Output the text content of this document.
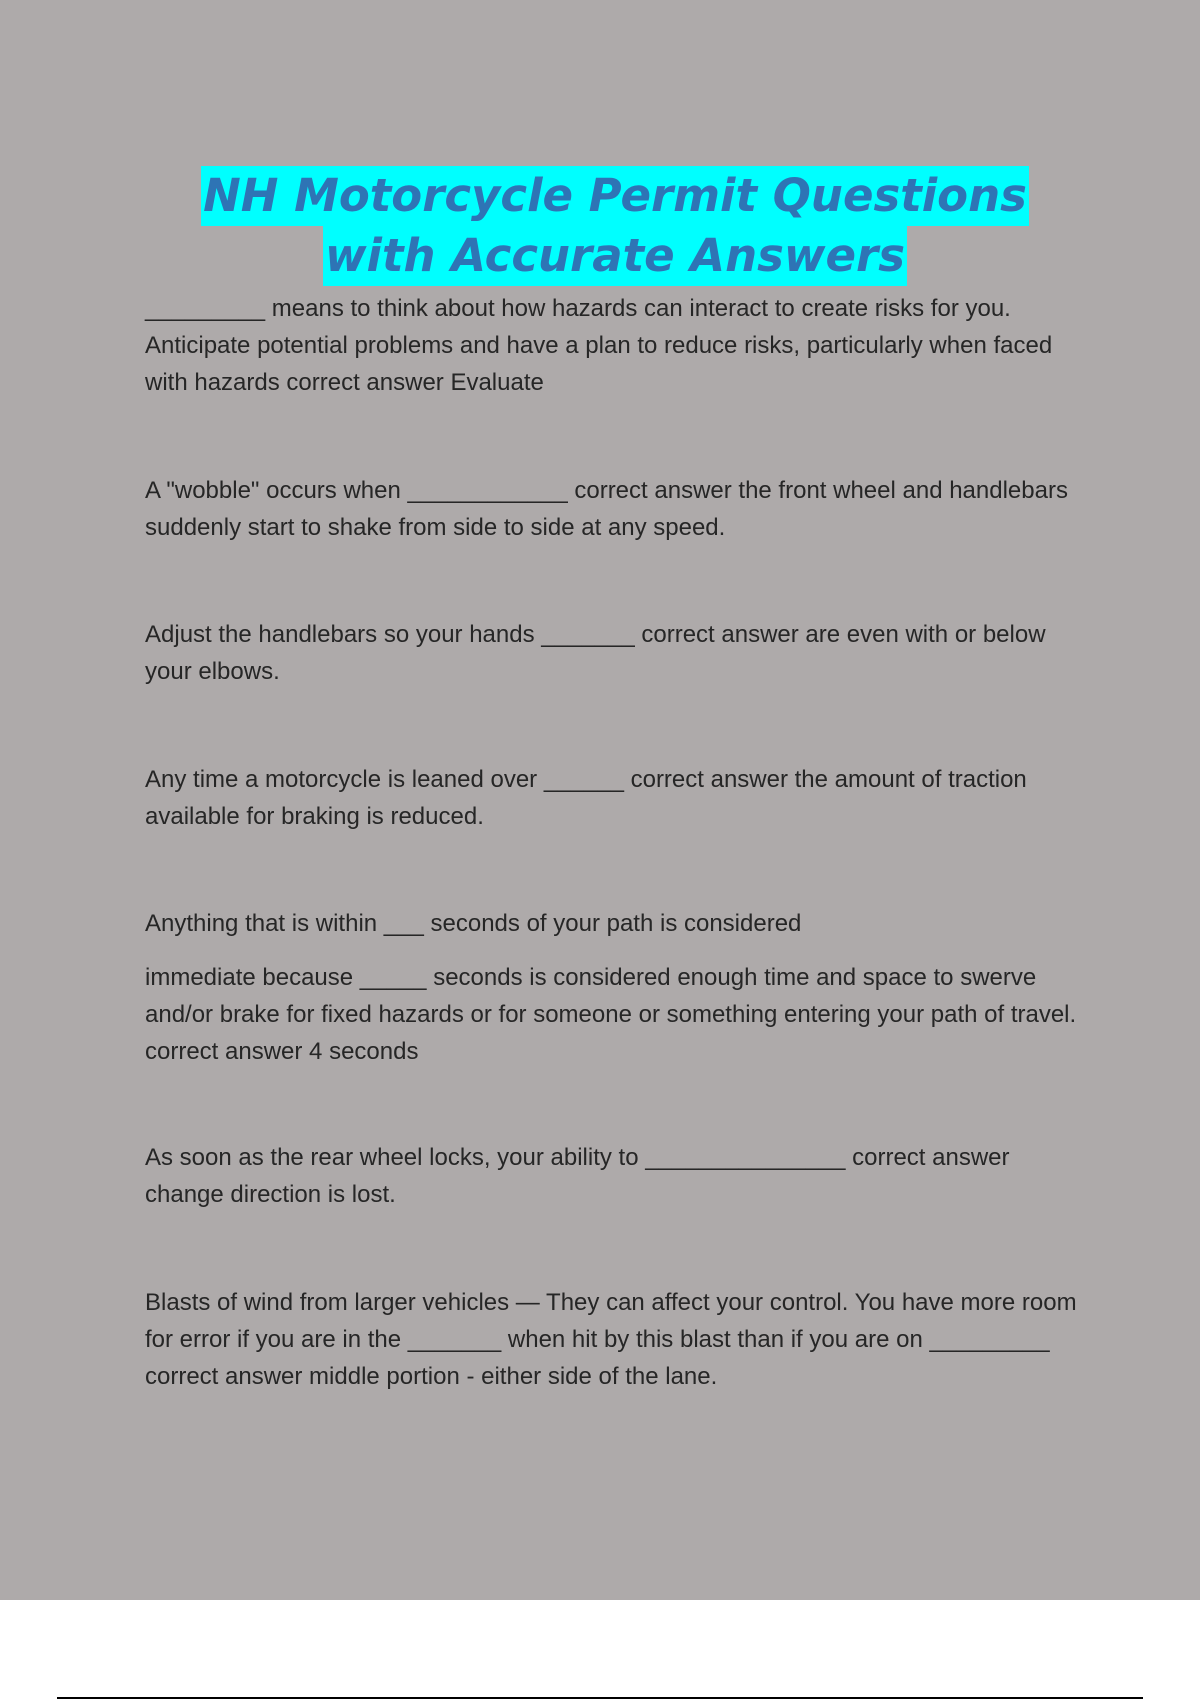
NH Motorcycle Permit Questions
with Accurate Answers

_________ means to think about how hazards can interact to create risks for you. Anticipate potential problems and have a plan to reduce risks, particularly when faced with hazards correct answer Evaluate

A "wobble" occurs when ____________ correct answer the front wheel and handlebars suddenly start to shake from side to side at any speed.

Adjust the handlebars so your hands _______ correct answer are even with or below your elbows.

Any time a motorcycle is leaned over ______ correct answer the amount of traction available for braking is reduced.

Anything that is within ___ seconds of your path is considered

immediate because _____ seconds is considered enough time and space to swerve and/or brake for fixed hazards or for someone or something entering your path of travel. correct answer 4 seconds

As soon as the rear wheel locks, your ability to _______________ correct answer change direction is lost.

Blasts of wind from larger vehicles — They can affect your control. You have more room for error if you are in the _______ when hit by this blast than if you are on _________ correct answer middle portion - either side of the lane.
